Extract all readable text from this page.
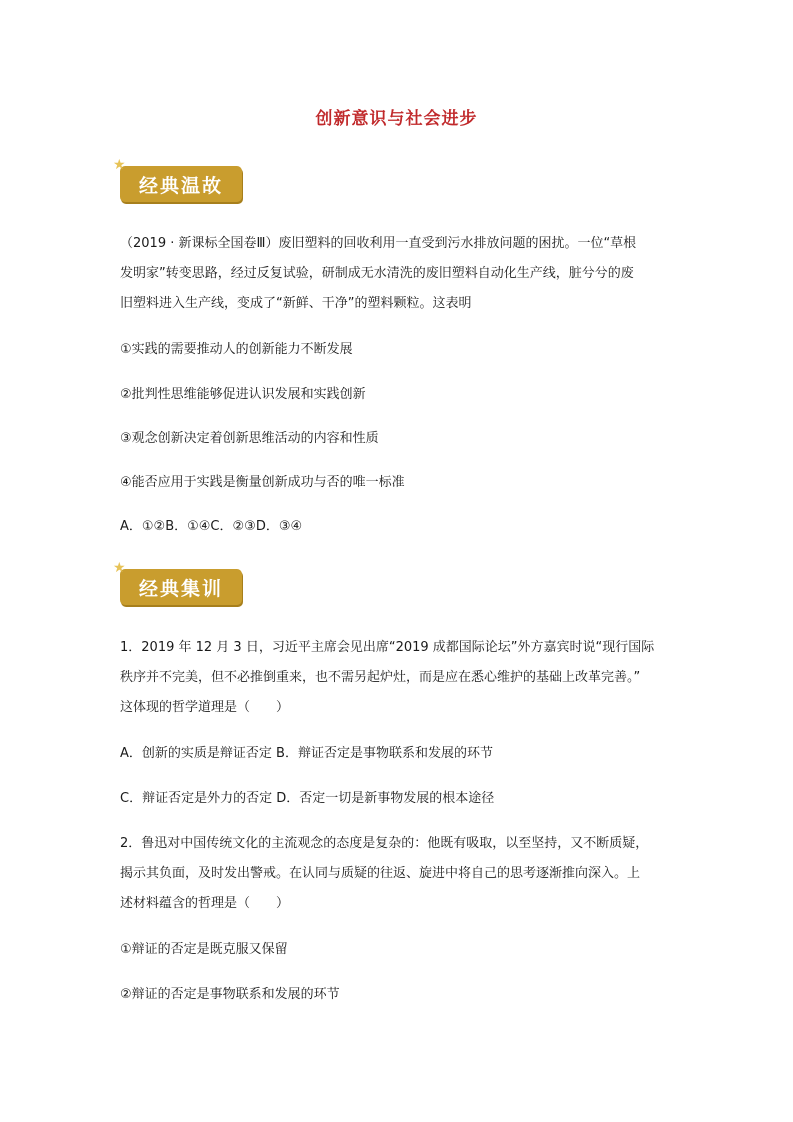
创新意识与社会进步
★
经典温故
（2019 · 新课标全国卷Ⅲ）废旧塑料的回收利用一直受到污水排放问题的困扰。一位“草根
发明家”转变思路，经过反复试验，研制成无水清洗的废旧塑料自动化生产线，脏兮兮的废
旧塑料进入生产线，变成了“新鲜、干净”的塑料颗粒。这表明
①实践的需要推动人的创新能力不断发展
②批判性思维能够促进认识发展和实践创新
③观念创新决定着创新思维活动的内容和性质
④能否应用于实践是衡量创新成功与否的唯一标准
A．①②B．①④C．②③D．③④
★
经典集训
1．2019 年 12 月 3 日，习近平主席会见出席“2019 成都国际论坛”外方嘉宾时说“现行国际
秩序并不完美，但不必推倒重来，也不需另起炉灶，而是应在悉心维护的基础上改革完善。”
这体现的哲学道理是（　　）
A．创新的实质是辩证否定 B．辩证否定是事物联系和发展的环节
C．辩证否定是外力的否定 D．否定一切是新事物发展的根本途径
2．鲁迅对中国传统文化的主流观念的态度是复杂的：他既有吸取，以至坚持，又不断质疑，
揭示其负面，及时发出警戒。在认同与质疑的往返、旋进中将自己的思考逐渐推向深入。上
述材料蕴含的哲理是（　　）
①辩证的否定是既克服又保留
②辩证的否定是事物联系和发展的环节
